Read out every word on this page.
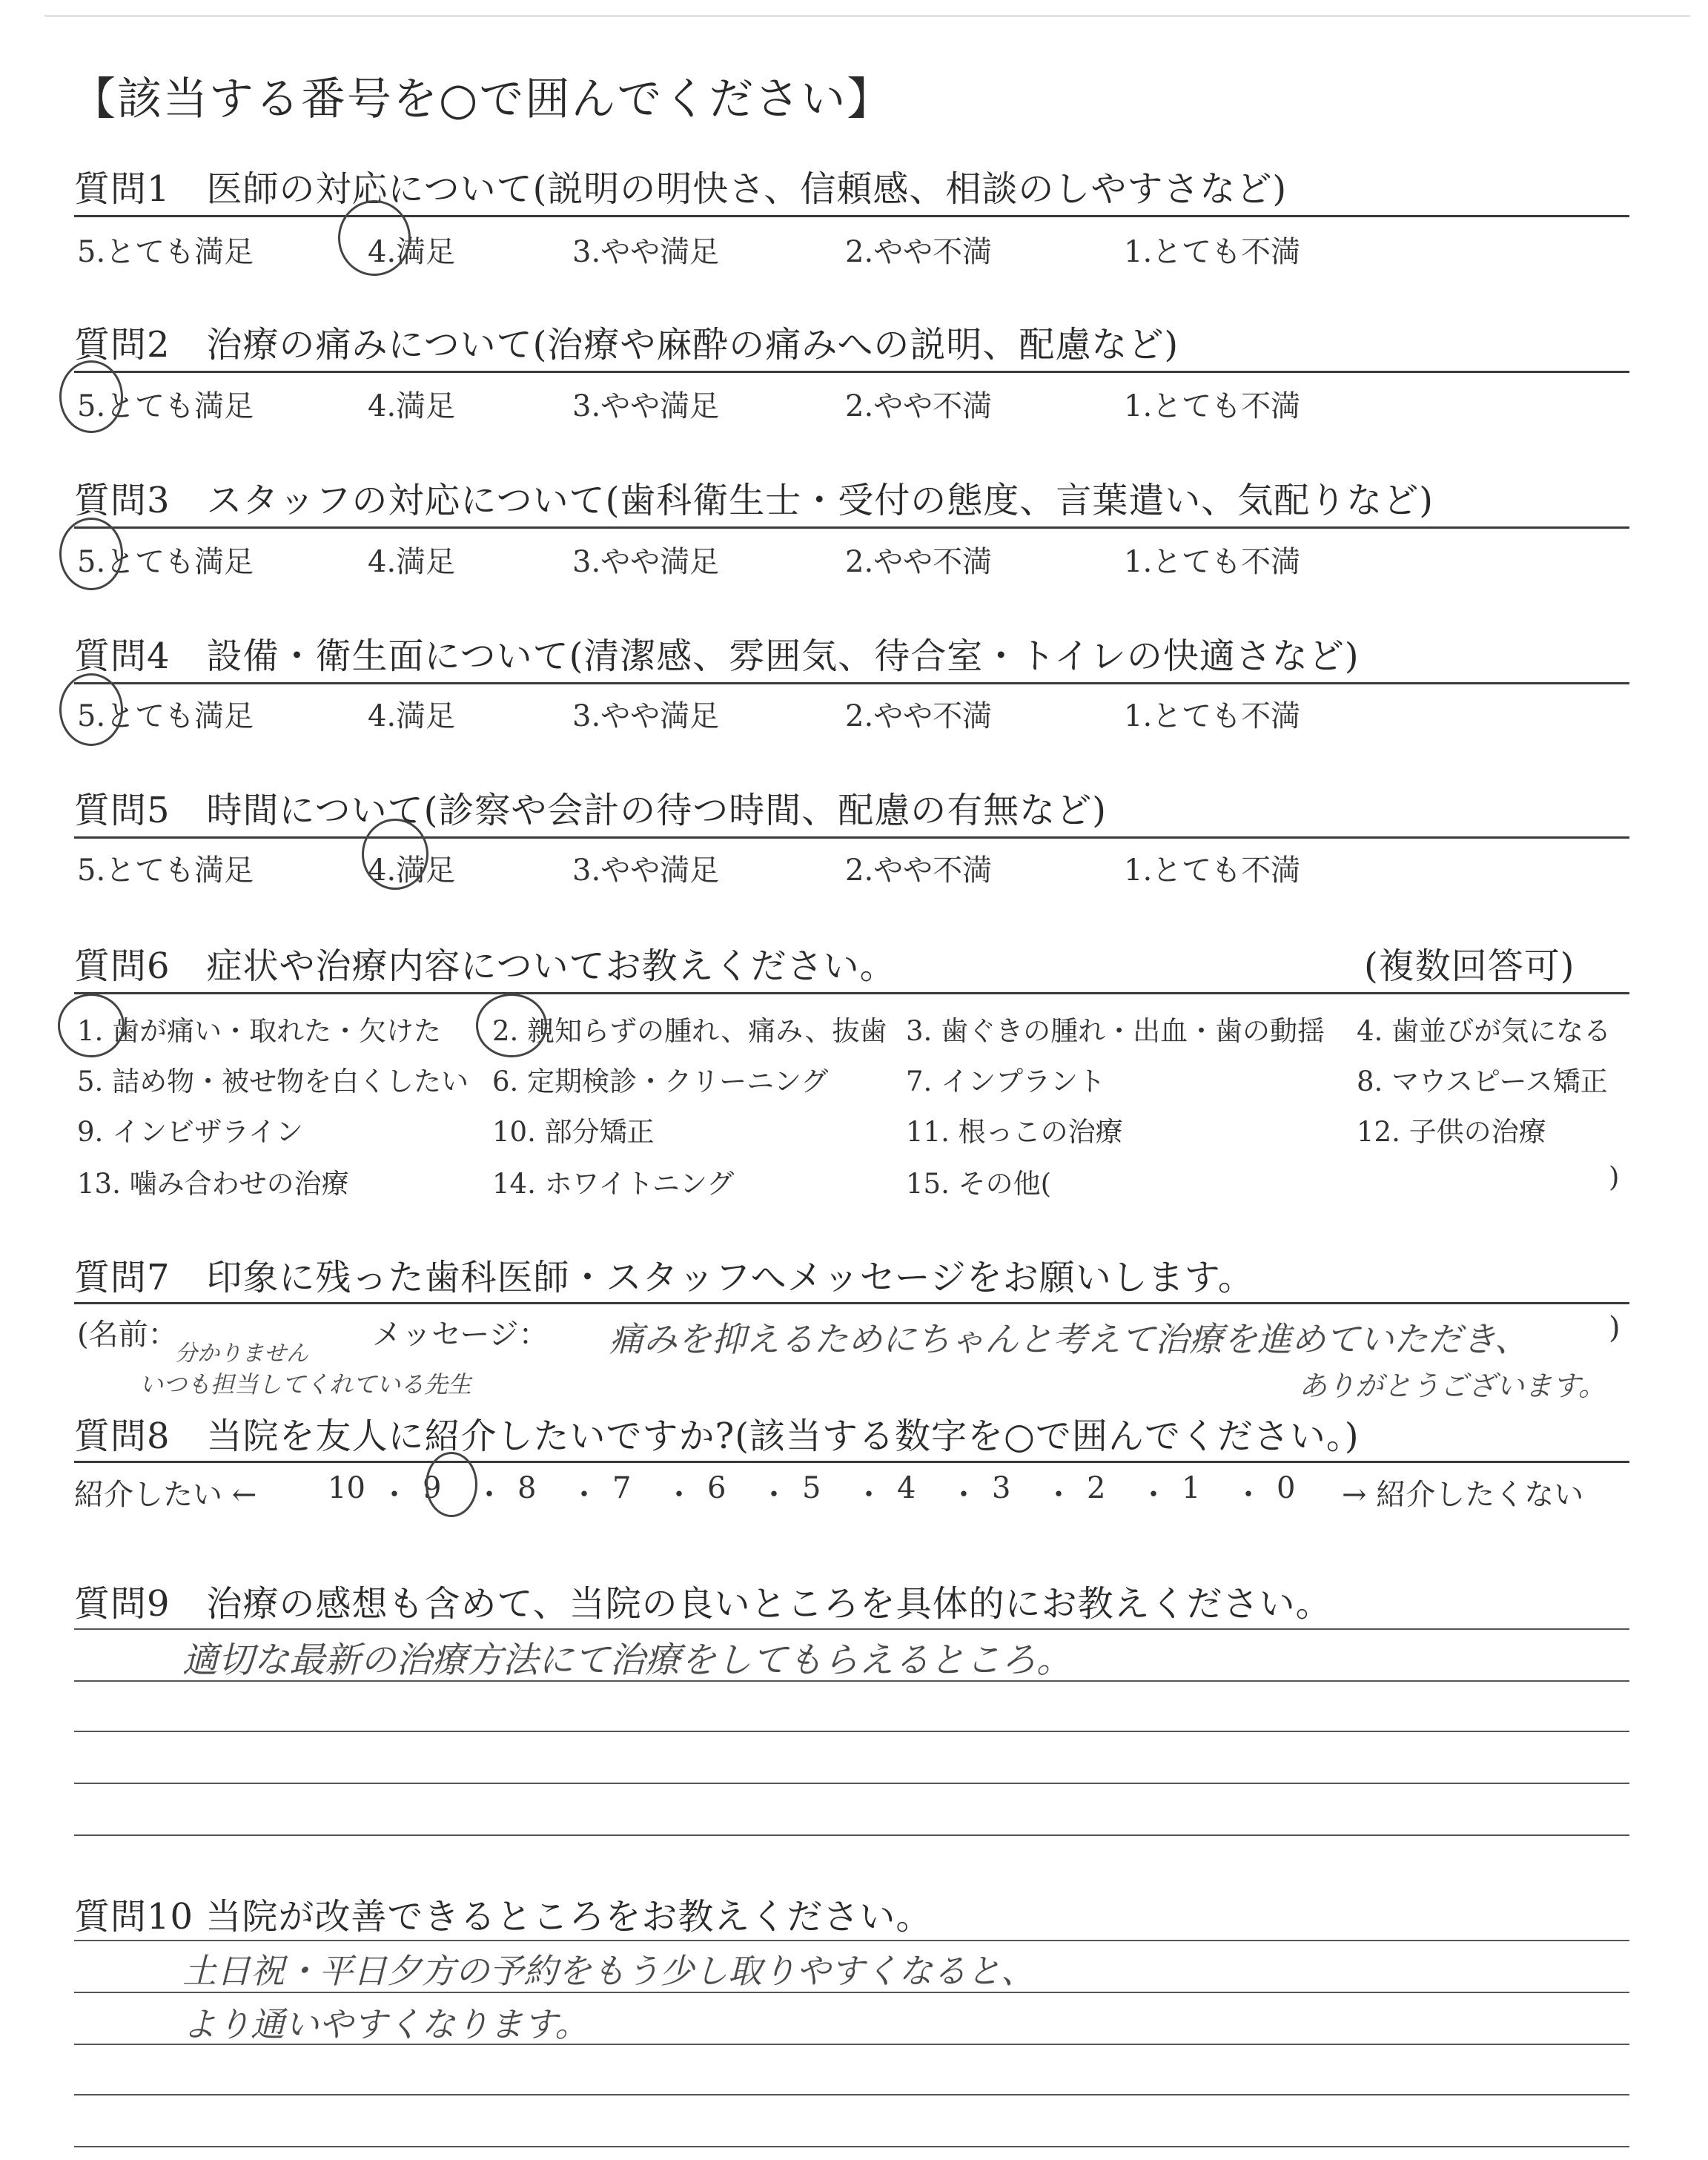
【該当する番号を○で囲んでください】
質問1　医師の対応について(説明の明快さ、信頼感、相談のしやすさなど)
5.とても満足	4.満足	3.やや満足	2.やや不満	1.とても不満
質問2　治療の痛みについて(治療や麻酔の痛みへの説明、配慮など)
5.とても満足	4.満足	3.やや満足	2.やや不満	1.とても不満
質問3　スタッフの対応について(歯科衛生士・受付の態度、言葉遣い、気配りなど)
5.とても満足	4.満足	3.やや満足	2.やや不満	1.とても不満
質問4　設備・衛生面について(清潔感、雰囲気、待合室・トイレの快適さなど)
5.とても満足	4.満足	3.やや満足	2.やや不満	1.とても不満
質問5　時間について(診察や会計の待つ時間、配慮の有無など)
5.とても満足	4.満足	3.やや満足	2.やや不満	1.とても不満
質問6　症状や治療内容についてお教えください。	(複数回答可)
1. 歯が痛い・取れた・欠けた 2. 親知らずの腫れ、痛み、抜歯 3. 歯ぐきの腫れ・出血・歯の動揺 4. 歯並びが気になる
5. 詰め物・被せ物を白くしたい 6. 定期検診・クリーニング	7. インプラント	8. マウスピース矯正
9. インビザライン	10. 部分矯正	11. 根っこの治療	12. 子供の治療
13. 噛み合わせの治療	14. ホワイトニング	15. その他(	)
質問7　印象に残った歯科医師・スタッフへメッセージをお願いします。
(名前：	メッセージ：	)
分かりません
いつも担当してくれている先生
痛みを抑えるためにちゃんと考えて治療を進めていただき、
ありがとうございます。
質問8　当院を友人に紹介したいですか?(該当する数字を○で囲んでください。)
紹介したい ←	→ 紹介したくない
10 ・ 9 ・ 8 ・ 7 ・ 6 ・ 5 ・ 4 ・ 3 ・ 2 ・ 1 ・ 0
質問9　治療の感想も含めて、当院の良いところを具体的にお教えください。
適切な最新の治療方法にて治療をしてもらえるところ。
質問10 当院が改善できるところをお教えください。
土日祝・平日夕方の予約をもう少し取りやすくなると、
より通いやすくなります。
